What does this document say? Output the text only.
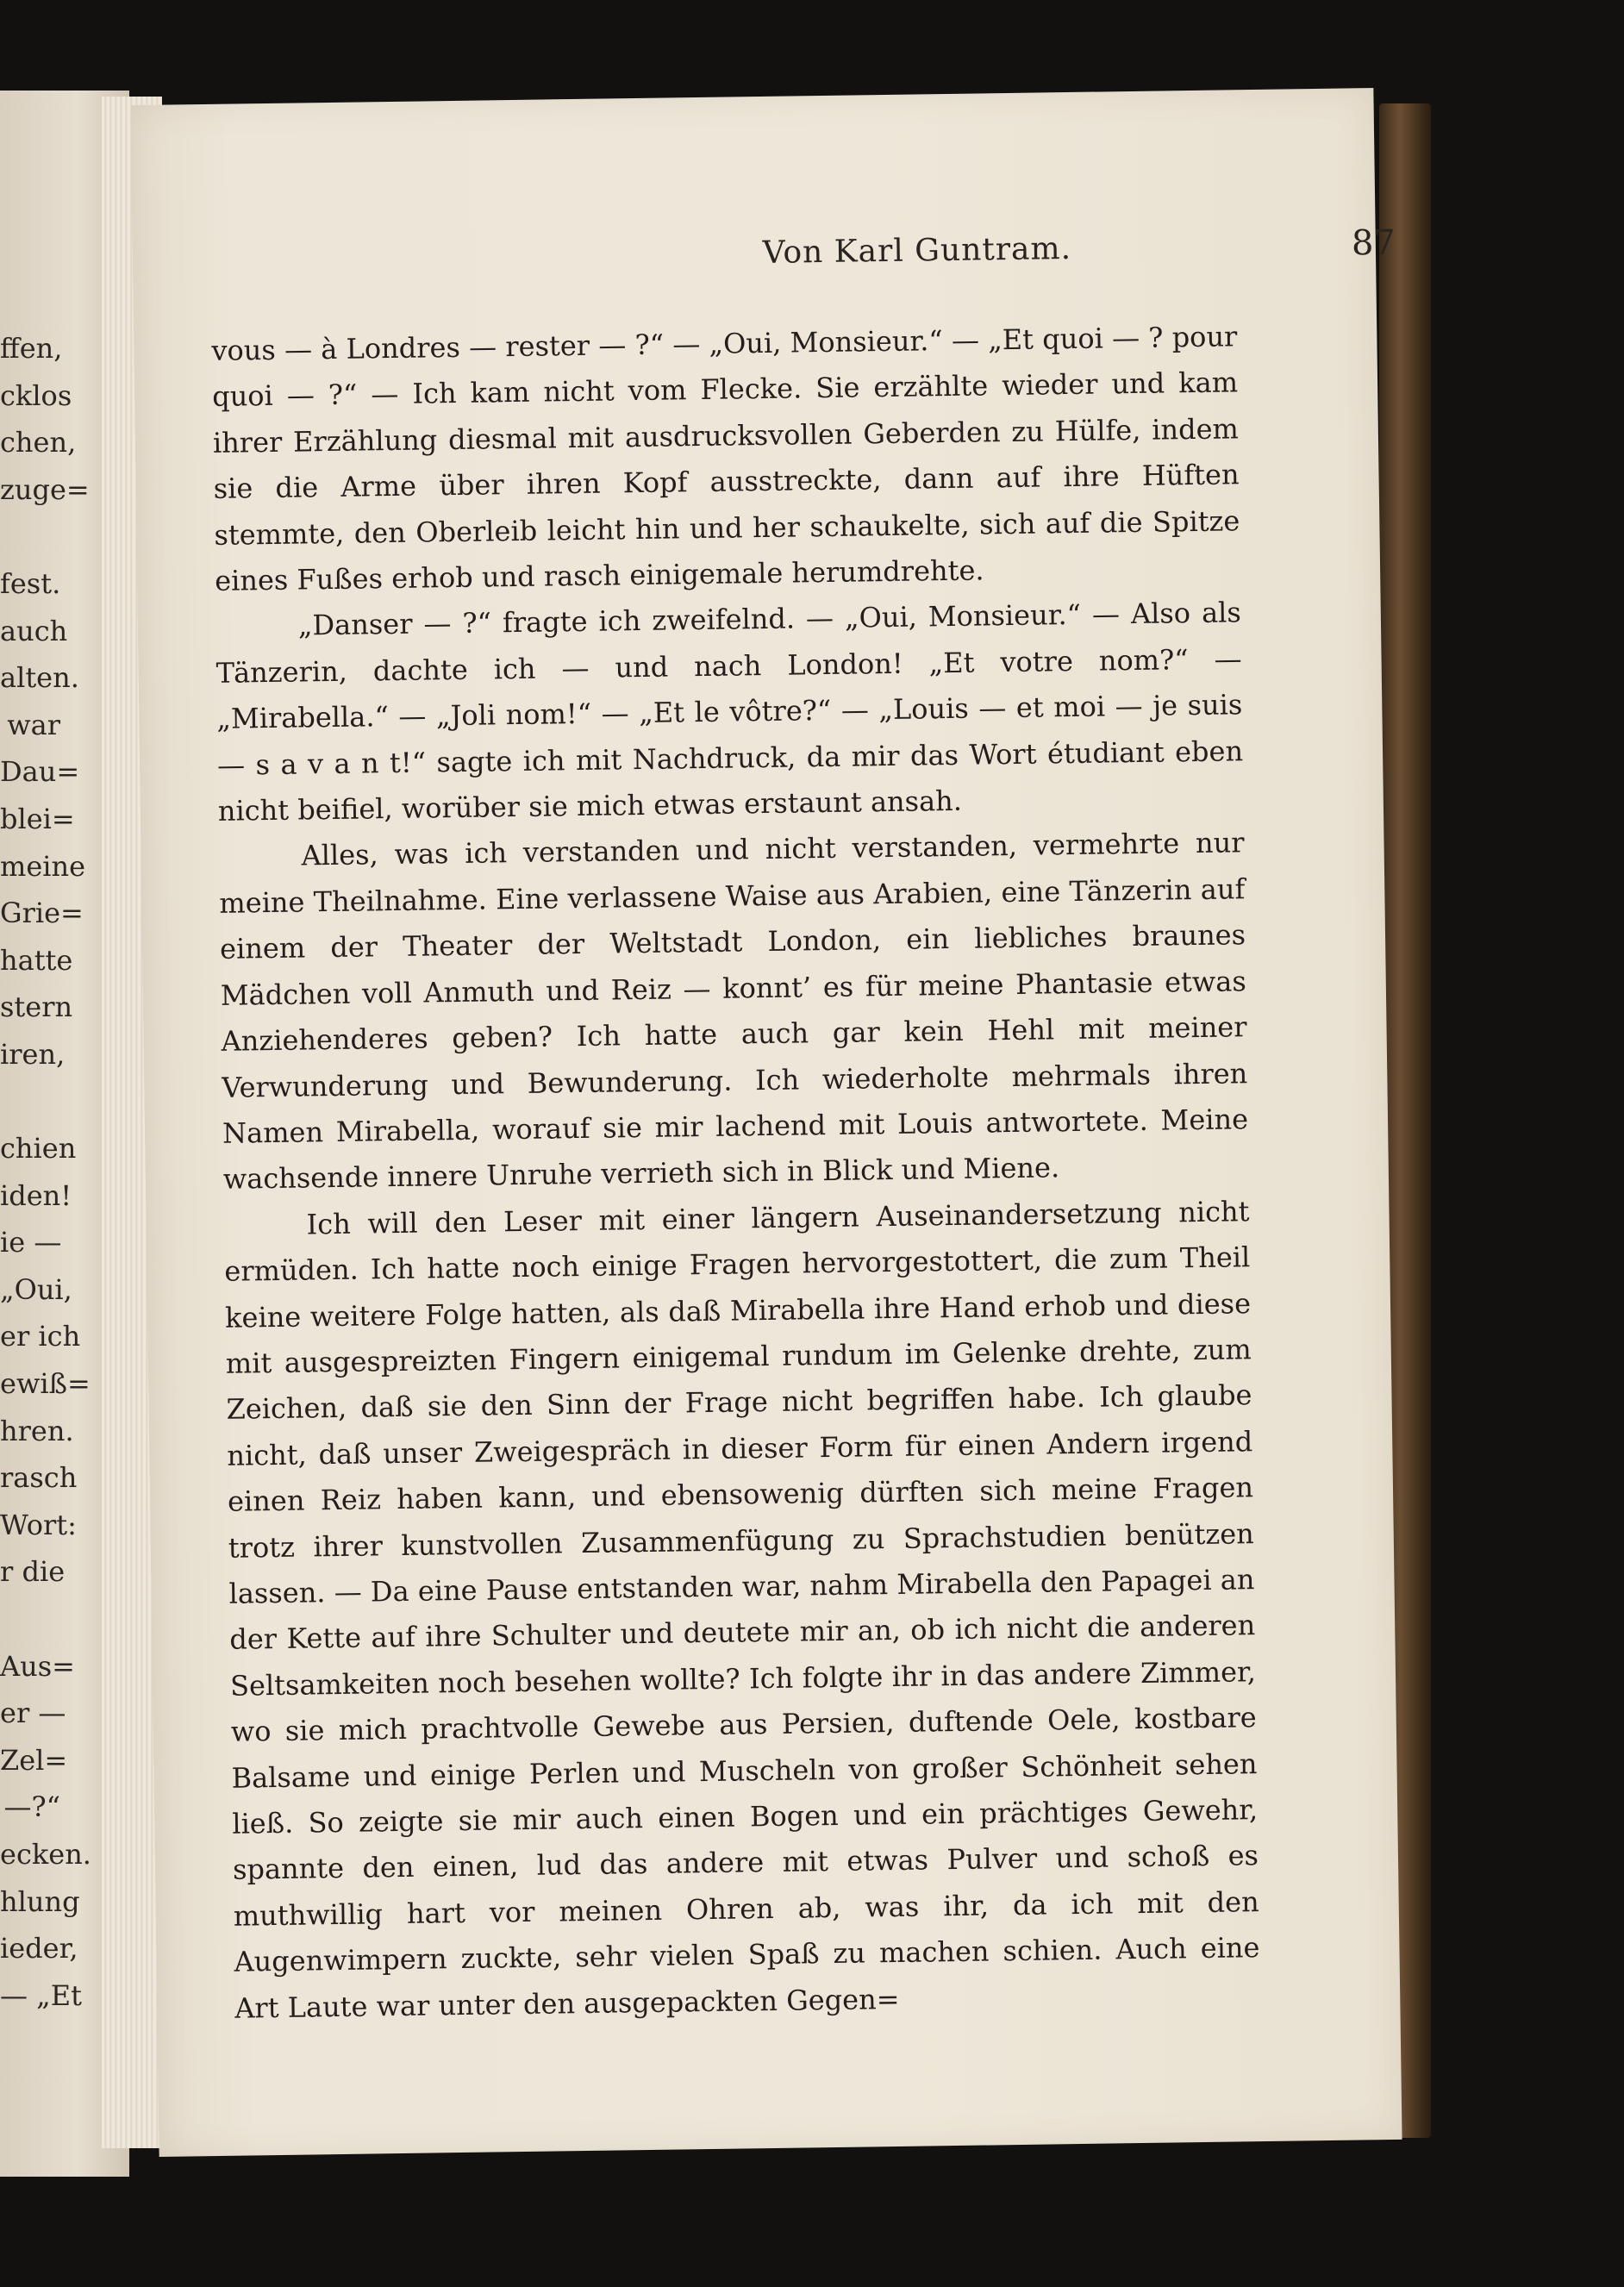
ffen,
cklos
chen,
zuge=
fest.
auch
alten.
war
Dau=
blei=
meine
Grie=
hatte
stern
iren,
chien
iden!
ie —
„Oui,
er ich
ewiß=
hren.
rasch
Wort:
r die
Aus=
er —
Zel=
—?“
ecken.
hlung
ieder,
— „Et
Von Karl Guntram.	87

vous — à Londres — rester — ?“ — „Oui, Monsieur.“ — „Et quoi — ? pour quoi — ?“ — Ich kam nicht vom Flecke. Sie erzählte wieder und kam ihrer Erzählung diesmal mit ausdrucksvollen Geberden zu Hülfe, indem sie die Arme über ihren Kopf ausstreckte, dann auf ihre Hüften stemmte, den Oberleib leicht hin und her schaukelte, sich auf die Spitze eines Fußes erhob und rasch einigemale herumdrehte.

„Danser — ?“ fragte ich zweifelnd. — „Oui, Monsieur.“ — Also als Tänzerin, dachte ich — und nach London! „Et votre nom?“ — „Mirabella.“ — „Joli nom!“ — „Et le vôtre?“ — „Louis — et moi — je suis — s a v a n t!“ sagte ich mit Nachdruck, da mir das Wort étudiant eben nicht beifiel, worüber sie mich etwas erstaunt ansah.

Alles, was ich verstanden und nicht verstanden, vermehrte nur meine Theilnahme. Eine verlassene Waise aus Arabien, eine Tänzerin auf einem der Theater der Weltstadt London, ein liebliches braunes Mädchen voll Anmuth und Reiz — konnt’ es für meine Phantasie etwas Anziehenderes geben? Ich hatte auch gar kein Hehl mit meiner Verwunderung und Bewunderung. Ich wiederholte mehrmals ihren Namen Mirabella, worauf sie mir lachend mit Louis antwortete. Meine wachsende innere Unruhe verrieth sich in Blick und Miene.

Ich will den Leser mit einer längern Auseinandersetzung nicht ermüden. Ich hatte noch einige Fragen hervorgestottert, die zum Theil keine weitere Folge hatten, als daß Mirabella ihre Hand erhob und diese mit ausgespreizten Fingern einigemal rundum im Gelenke drehte, zum Zeichen, daß sie den Sinn der Frage nicht begriffen habe. Ich glaube nicht, daß unser Zweigespräch in dieser Form für einen Andern irgend einen Reiz haben kann, und ebensowenig dürften sich meine Fragen trotz ihrer kunstvollen Zusammenfügung zu Sprachstudien benützen lassen. — Da eine Pause entstanden war, nahm Mirabella den Papagei an der Kette auf ihre Schulter und deutete mir an, ob ich nicht die anderen Seltsamkeiten noch besehen wollte? Ich folgte ihr in das andere Zimmer, wo sie mich prachtvolle Gewebe aus Persien, duftende Oele, kostbare Balsame und einige Perlen und Muscheln von großer Schönheit sehen ließ. So zeigte sie mir auch einen Bogen und ein prächtiges Gewehr, spannte den einen, lud das andere mit etwas Pulver und schoß es muthwillig hart vor meinen Ohren ab, was ihr, da ich mit den Augenwimpern zuckte, sehr vielen Spaß zu machen schien. Auch eine Art Laute war unter den ausgepackten Gegen=
